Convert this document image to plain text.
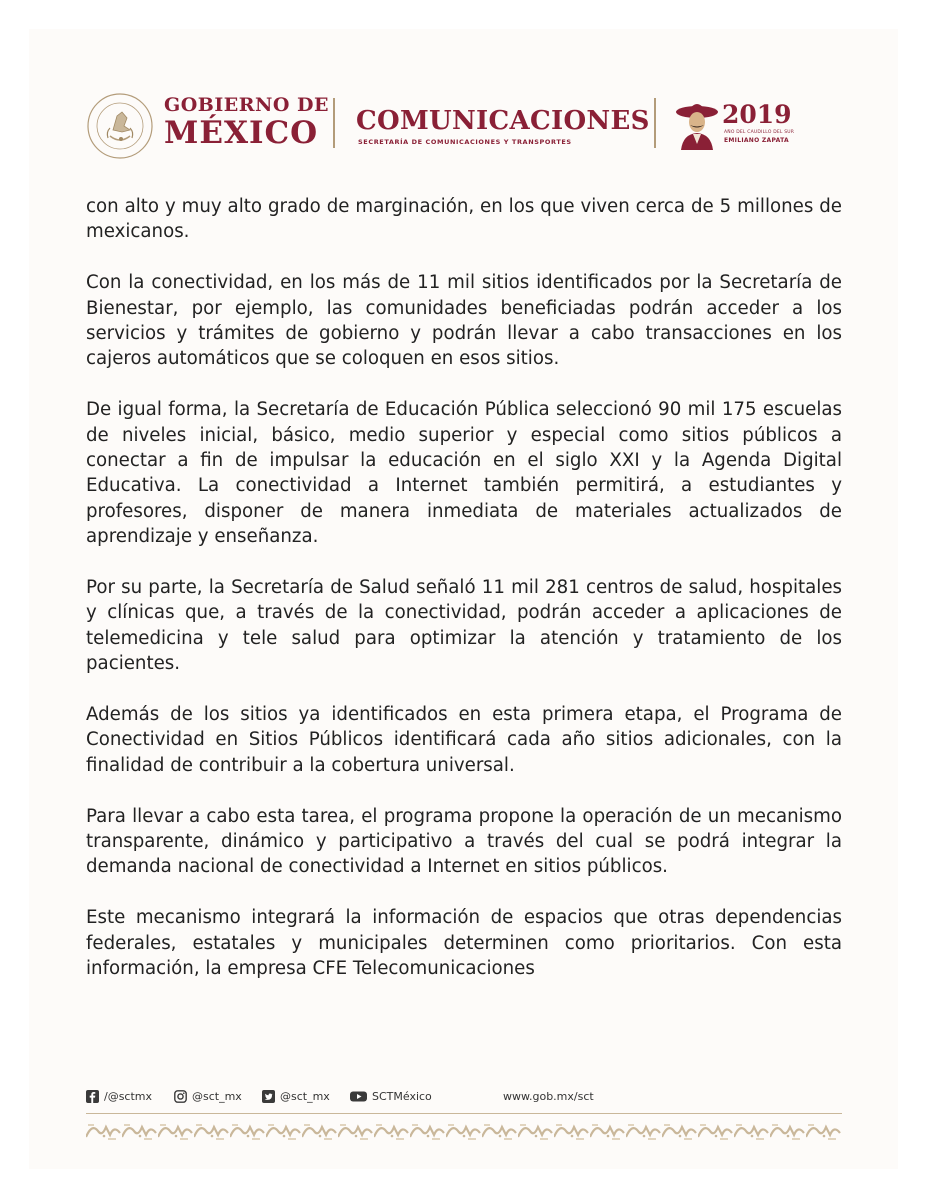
GOBIERNO DE
MÉXICO	COMUNICACIONES
SECRETARÍA DE COMUNICACIONES Y TRANSPORTES
2019
AÑO DEL CAUDILLO DEL SUR
EMILIANO ZAPATA

con alto y muy alto grado de marginación, en los que viven cerca de 5 millones de mexicanos.

Con la conectividad, en los más de 11 mil sitios identificados por la Secretaría de Bienestar, por ejemplo, las comunidades beneficiadas podrán acceder a los servicios y trámites de gobierno y podrán llevar a cabo transacciones en los cajeros automáticos que se coloquen en esos sitios.

De igual forma, la Secretaría de Educación Pública seleccionó 90 mil 175 escuelas de niveles inicial, básico, medio superior y especial como sitios públicos a conectar a fin de impulsar la educación en el siglo XXI y la Agenda Digital Educativa. La conectividad a Internet también permitirá, a estudiantes y profesores, disponer de manera inmediata de materiales actualizados de aprendizaje y enseñanza.

Por su parte, la Secretaría de Salud señaló 11 mil 281 centros de salud, hospitales y clínicas que, a través de la conectividad, podrán acceder a aplicaciones de telemedicina y tele salud para optimizar la atención y tratamiento de los pacientes.

Además de los sitios ya identificados en esta primera etapa, el Programa de Conectividad en Sitios Públicos identificará cada año sitios adicionales, con la finalidad de contribuir a la cobertura universal.

Para llevar a cabo esta tarea, el programa propone la operación de un mecanismo transparente, dinámico y participativo a través del cual se podrá integrar la demanda nacional de conectividad a Internet en sitios públicos.

Este mecanismo integrará la información de espacios que otras dependencias federales, estatales y municipales determinen como prioritarios. Con esta información, la empresa CFE Telecomunicaciones

/@sctmx	@sct_mx	@sct_mx	SCTMéxico	www.gob.mx/sct
